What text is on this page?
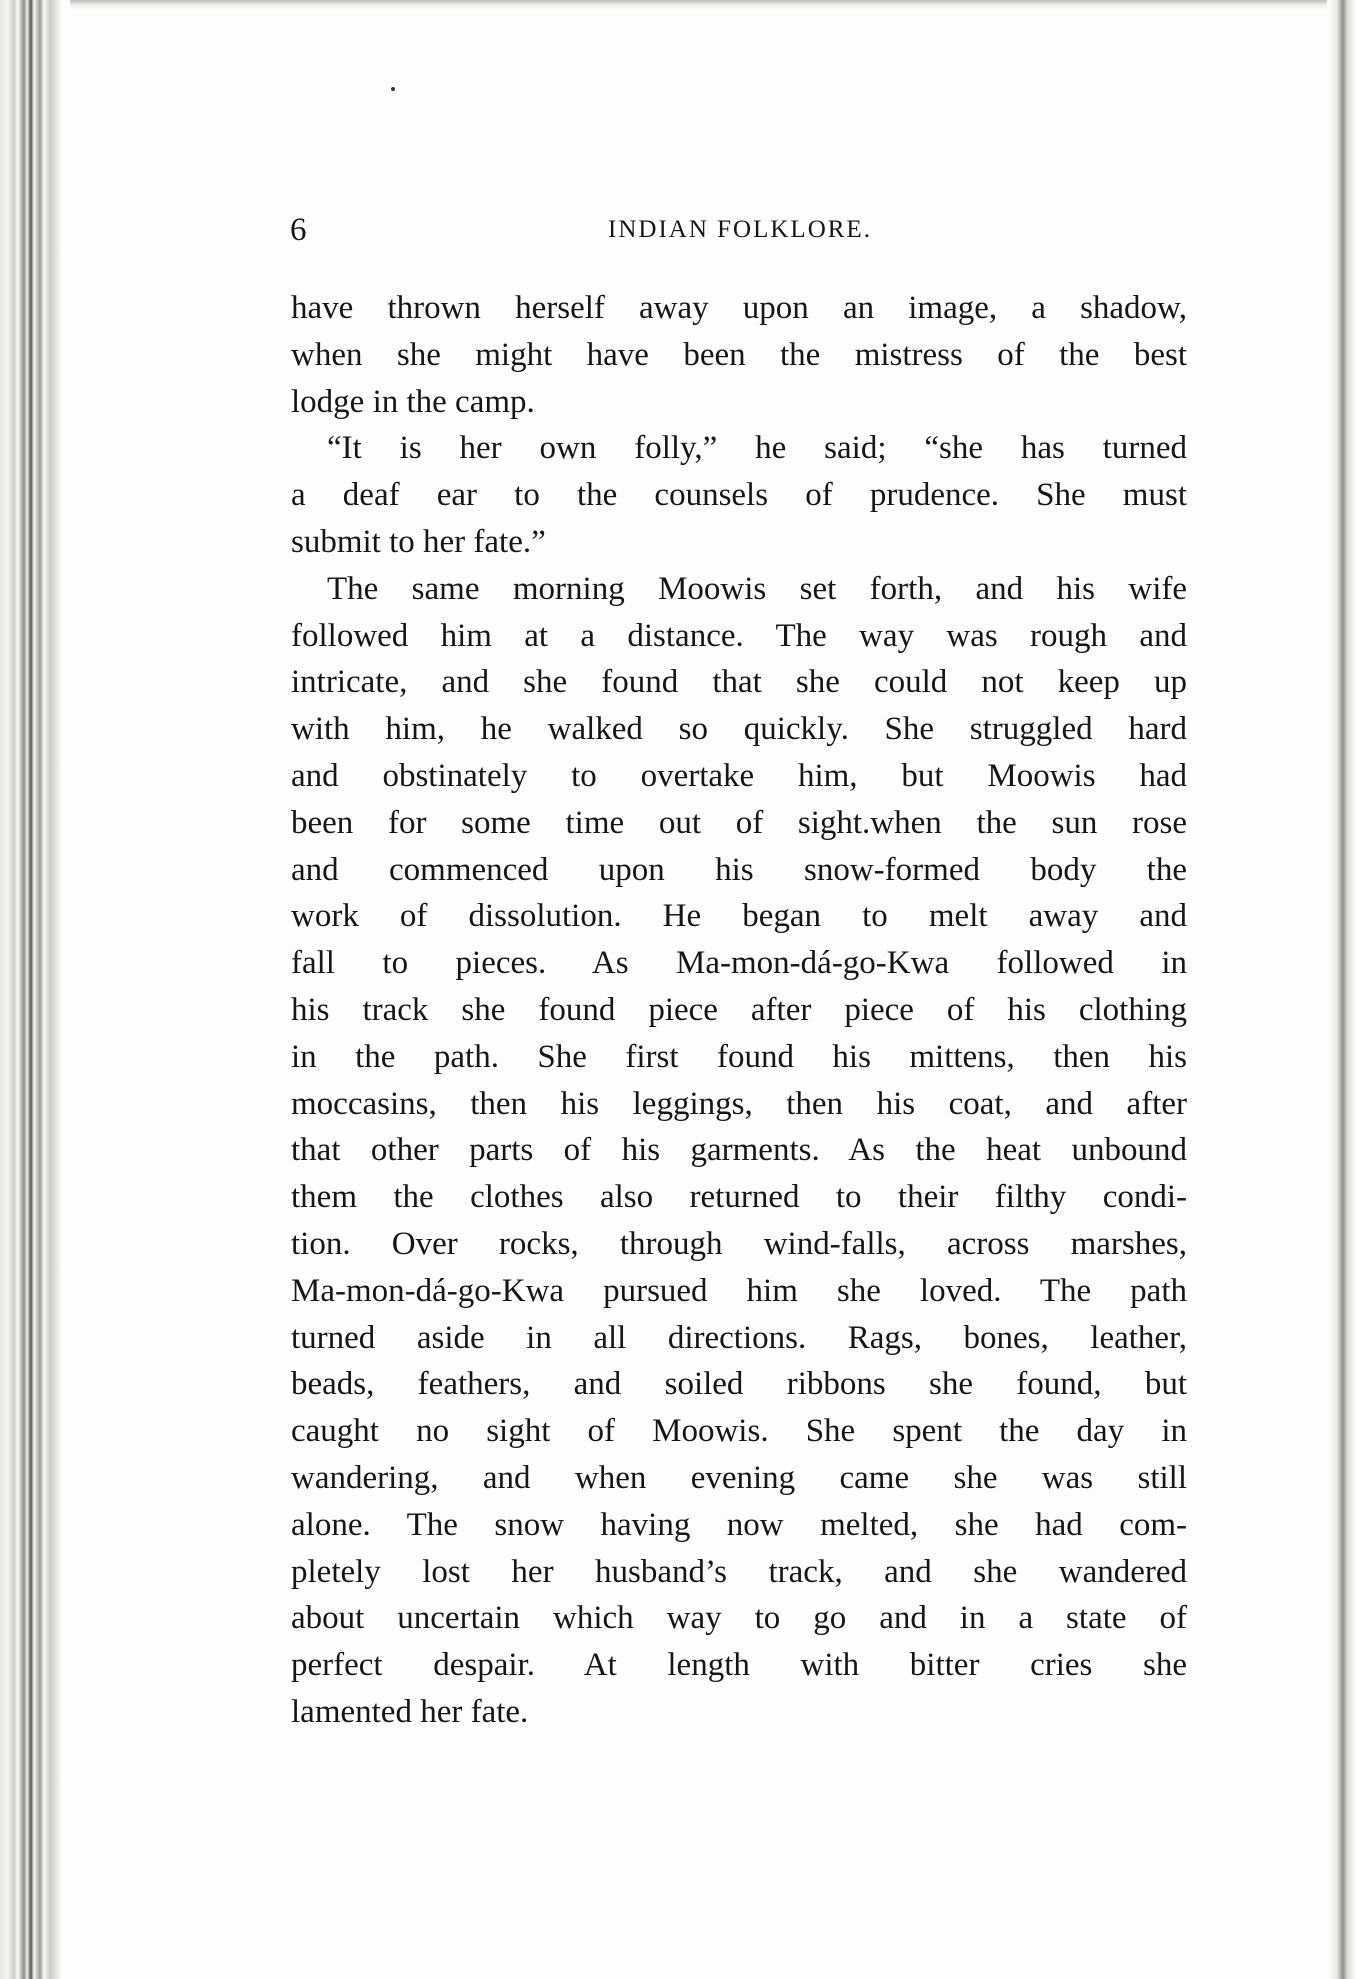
6	INDIAN FOLKLORE.
have thrown herself away upon an image, a shadow,
when she might have been the mistress of the best
lodge in the camp.
“It is her own folly,” he said; “she has turned
a deaf ear to the counsels of prudence. She must
submit to her fate.”
The same morning Moowis set forth, and his wife
followed him at a distance. The way was rough and
intricate, and she found that she could not keep up
with him, he walked so quickly. She struggled hard
and obstinately to overtake him, but Moowis had
been for some time out of sight.when the sun rose
and commenced upon his snow-formed body the
work of dissolution. He began to melt away and
fall to pieces. As Ma-mon-dá-go-Kwa followed in
his track she found piece after piece of his clothing
in the path. She first found his mittens, then his
moccasins, then his leggings, then his coat, and after
that other parts of his garments. As the heat unbound
them the clothes also returned to their filthy condi-
tion. Over rocks, through wind-falls, across marshes,
Ma-mon-dá-go-Kwa pursued him she loved. The path
turned aside in all directions. Rags, bones, leather,
beads, feathers, and soiled ribbons she found, but
caught no sight of Moowis. She spent the day in
wandering, and when evening came she was still
alone. The snow having now melted, she had com-
pletely lost her husband’s track, and she wandered
about uncertain which way to go and in a state of
perfect despair. At length with bitter cries she
lamented her fate.
